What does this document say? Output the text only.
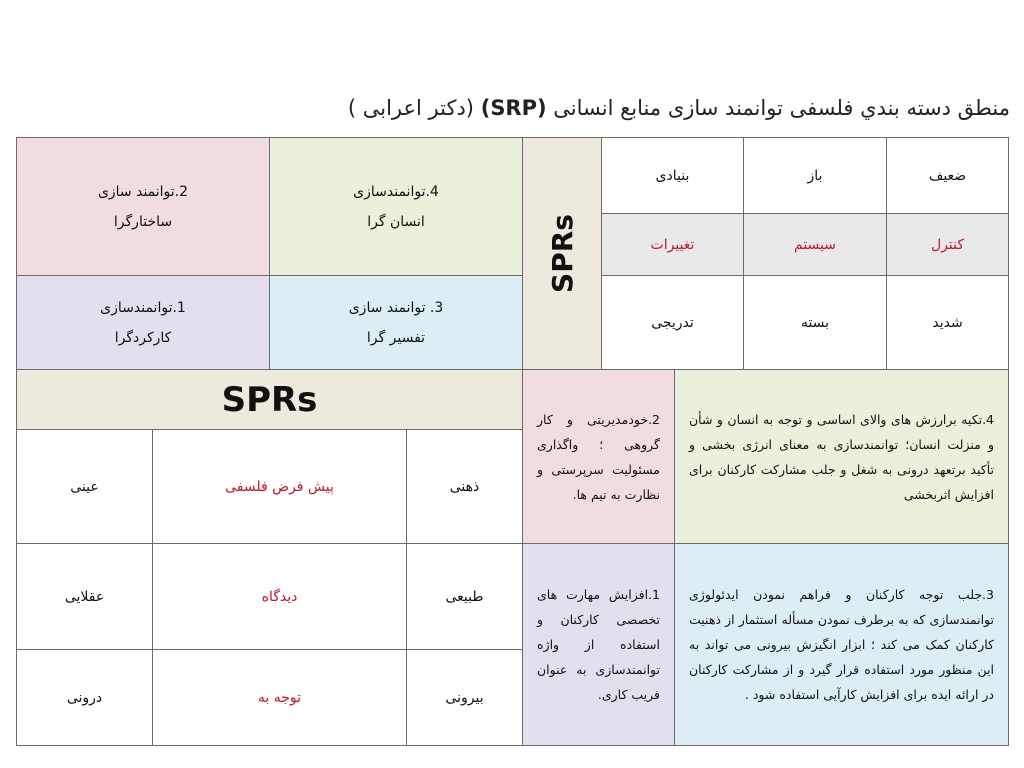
منطق دسته بندي فلسفی توانمند سازی منابع انسانی (SRP) (دکتر اعرابی )
2.توانمند سازی
ساختارگرا
4.توانمندسازی
انسان گرا
1.توانمندسازی
کارکردگرا
3. توانمند سازی
تفسیر گرا
SPRs
بنیادی	باز	ضعیف
تغییرات	سیستم	کنترل
تدریجی	بسته	شدید
SPRs
عینی	پیش فرض فلسفی	ذهنی
عقلایی	دیدگاه	طبیعی
درونی	توجه به	بیرونی
2.خودمدیریتی و کار گروهی ؛ واگذاری مسئولیت سرپرستی و نظارت به تیم ها.
4.تکیه برارزش های والای اساسی و توجه به انسان و شأن و منزلت انسان؛ توانمندسازی به معنای انرژی بخشی و تأکید برتعهد درونی به شغل و جلب مشارکت کارکنان برای افزایش اثربخشی
1.افزایش مهارت های تخصصی کارکنان و استفاده از واژه توانمندسازی به عنوان فریب کاری.
3.جلب توجه کارکنان و فراهم نمودن ایدئولوژی توانمندسازی که به برطرف نمودن مسأله استثمار از ذهنیت کارکنان کمک می کند ؛ ابزار انگیزش بیرونی می تواند به این منظور مورد استفاده قرار گیرد و از مشارکت کارکنان در ارائه ایده برای افزایش کارآیی استفاده شود .
